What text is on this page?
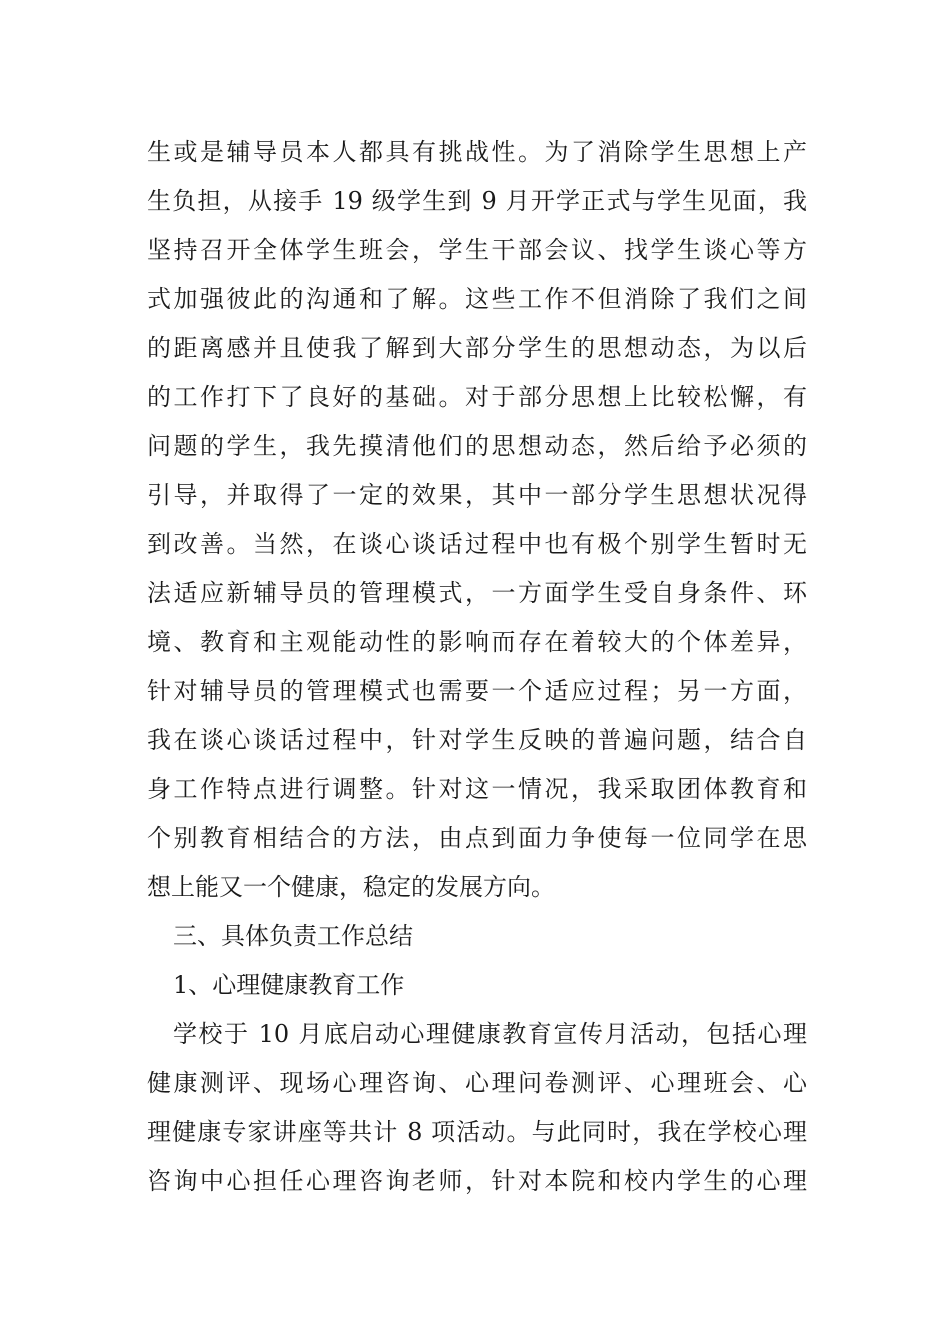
生或是辅导员本人都具有挑战性。为了消除学生思想上产
生负担，从接手 19 级学生到 9 月开学正式与学生见面，我
坚持召开全体学生班会，学生干部会议、找学生谈心等方
式加强彼此的沟通和了解。这些工作不但消除了我们之间
的距离感并且使我了解到大部分学生的思想动态，为以后
的工作打下了良好的基础。对于部分思想上比较松懈，有
问题的学生，我先摸清他们的思想动态，然后给予必须的
引导，并取得了一定的效果，其中一部分学生思想状况得
到改善。当然，在谈心谈话过程中也有极个别学生暂时无
法适应新辅导员的管理模式，一方面学生受自身条件、环
境、教育和主观能动性的影响而存在着较大的个体差异，
针对辅导员的管理模式也需要一个适应过程；另一方面，
我在谈心谈话过程中，针对学生反映的普遍问题，结合自
身工作特点进行调整。针对这一情况，我采取团体教育和
个别教育相结合的方法，由点到面力争使每一位同学在思
想上能又一个健康，稳定的发展方向。
三、具体负责工作总结
1、心理健康教育工作
学校于 10 月底启动心理健康教育宣传月活动，包括心理
健康测评、现场心理咨询、心理问卷测评、心理班会、心
理健康专家讲座等共计 8 项活动。与此同时，我在学校心理
咨询中心担任心理咨询老师，针对本院和校内学生的心理
